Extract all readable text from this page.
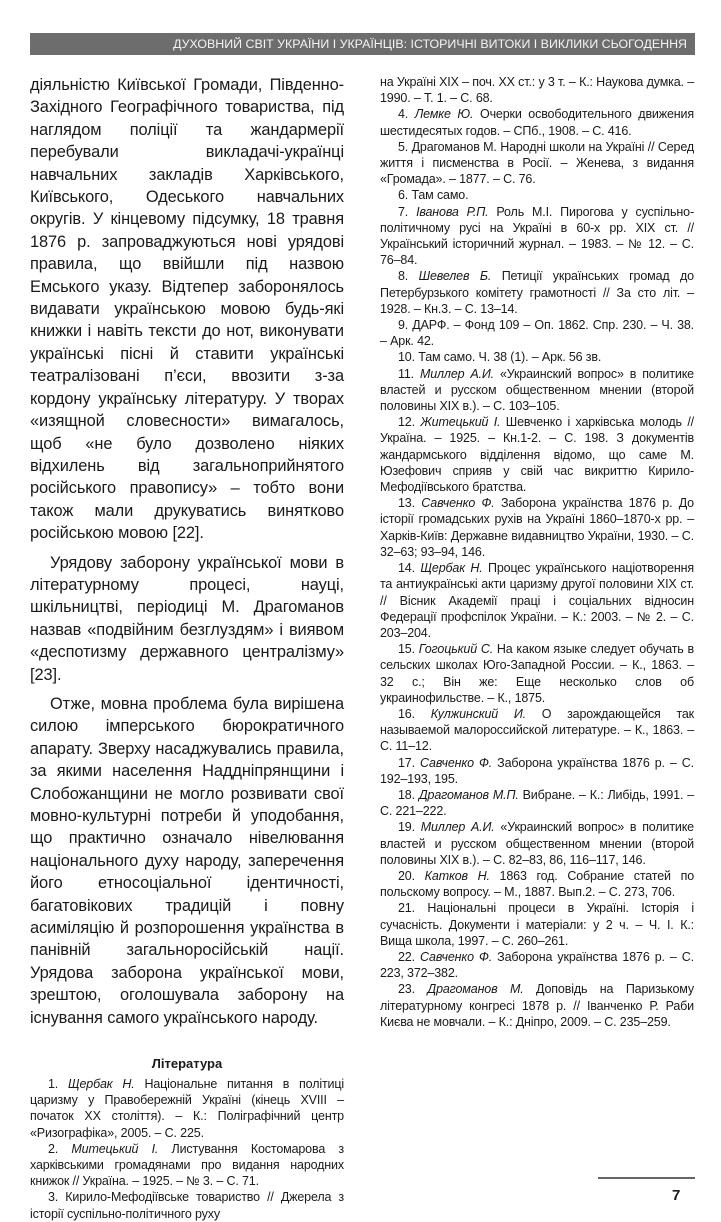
ДУХОВНИЙ СВІТ УКРАЇНИ І УКРАЇНЦІВ: ІСТОРИЧНІ ВИТОКИ І ВИКЛИКИ СЬОГОДЕННЯ

діяльністю Київської Громади, Південно-Західного Географічного товариства, під наглядом поліції та жандармерії перебували викладачі-українці навчальних закладів Харківського, Київського, Одеського навчальних округів. У кінцевому підсумку, 18 травня 1876 р. запроваджуються нові урядові правила, що ввійшли під назвою Емського указу. Відтепер заборонялось видавати українською мовою будь-які книжки і навіть тексти до нот, виконувати українські пісні й ставити українські театралізовані п’єси, ввозити з-за кордону українську літературу. У творах «изящной словесности» вимагалось, щоб «не було дозволено ніяких відхилень від загальноприйнятого російського правопису» – тобто вони також мали друкуватись винятково російською мовою [22].

Урядову заборону української мови в літературному процесі, науці, шкільництві, періодиці М. Драгоманов назвав «подвійним безглуздям» і виявом «деспотизму державного централізму» [23].

Отже, мовна проблема була вирішена силою імперського бюрократичного апарату. Зверху насаджувались правила, за якими населення Наддніпрянщини і Слобожанщини не могло розвивати свої мовно-культурні потреби й уподобання, що практично означало нівелювання національного духу народу, заперечення його етносоціальної ідентичності, багатовікових традицій і повну асиміляцію й розпорошення українства в панівній загальноросійській нації. Урядова заборона української мови, зрештою, оголошувала заборону на існування самого українського народу.

Література

1. Щербак Н. Національне питання в політиці царизму у Правобережній Україні (кінець XVIII – початок XX століття). – К.: Поліграфічний центр «Ризографіка», 2005. – С. 225.

2. Митецький І. Листування Костомарова з харківськими громадянами про видання народних книжок // Україна. – 1925. – № 3. – С. 71.

3. Кирило-Мефодіївське товариство // Джерела з історії суспільно-політичного руху

на Україні XIX – поч. XX ст.: у 3 т. – К.: Наукова думка. – 1990. – Т. 1. – С. 68.

4. Лемке Ю. Очерки освободительного движения шестидесятых годов. – СПб., 1908. – С. 416.

5. Драгоманов М. Народні школи на Україні // Серед життя і писменства в Росії. – Женева, з видання «Громада». – 1877. – С. 76.

6. Там само.

7. Іванова Р.П. Роль М.І. Пирогова у суспільно-політичному русі на Україні в 60-х рр. XIX ст. // Український історичний журнал. – 1983. – № 12. – С. 76–84.

8. Шевелев Б. Петиції українських громад до Петербурзького комітету грамотності // За сто літ. – 1928. – Кн.3. – С. 13–14.

9. ДАРФ. – Фонд 109 – Оп. 1862. Спр. 230. – Ч. 38. – Арк. 42.

10. Там само. Ч. 38 (1). – Арк. 56 зв.

11. Миллер А.И. «Украинский вопрос» в политике властей и русском общественном мнении (второй половины XIX в.). – С. 103–105.

12. Житецький І. Шевченко і харківська молодь // Україна. – 1925. – Кн.1-2. – С. 198. З документів жандармського відділення відомо, що саме М. Юзефович сприяв у свій час викриттю Кирило- Мефодіївського братства.

13. Савченко Ф. Заборона українства 1876 р. До історії громадських рухів на Україні 1860–1870-х рр. – Харків-Київ: Державне видавництво України, 1930. – С. 32–63; 93–94, 146.

14. Щербак Н. Процес українського націотворення та антиукраїнські акти царизму другої половини XIX ст. // Вісник Академії праці і соціальних відносин Федерації профспілок України. – К.: 2003. – № 2. – С. 203–204.

15. Гогоцький С. На каком языке следует обучать в сельских школах Юго-Западной России. – К., 1863. – 32 с.; Він же: Еще несколько слов об украинофильстве. – К., 1875.

16. Кулжинский И. О зарождающейся так называемой малороссийской литературе. – К., 1863. – С. 11–12.

17. Савченко Ф. Заборона українства 1876 р. – С. 192–193, 195.

18. Драгоманов М.П. Вибране. – К.: Либідь, 1991. – С. 221–222.

19. Миллер А.И. «Украинский вопрос» в политике властей и русском общественном мнении (второй половины XIX в.). – С. 82–83, 86, 116–117, 146.

20. Катков Н. 1863 год. Собрание статей по польскому вопросу. – М., 1887. Вып.2. – С. 273, 706.

21. Національні процеси в Україні. Історія і сучасність. Документи і матеріали: у 2 ч. – Ч. І. К.: Вища школа, 1997. – С. 260–261.

22. Савченко Ф. Заборона українства 1876 р. – С. 223, 372–382.

23. Драгоманов М. Доповідь на Паризькому літературному конгресі 1878 р. // Іванченко Р. Раби Києва не мовчали. – К.: Дніпро, 2009. – С. 235–259.

7
